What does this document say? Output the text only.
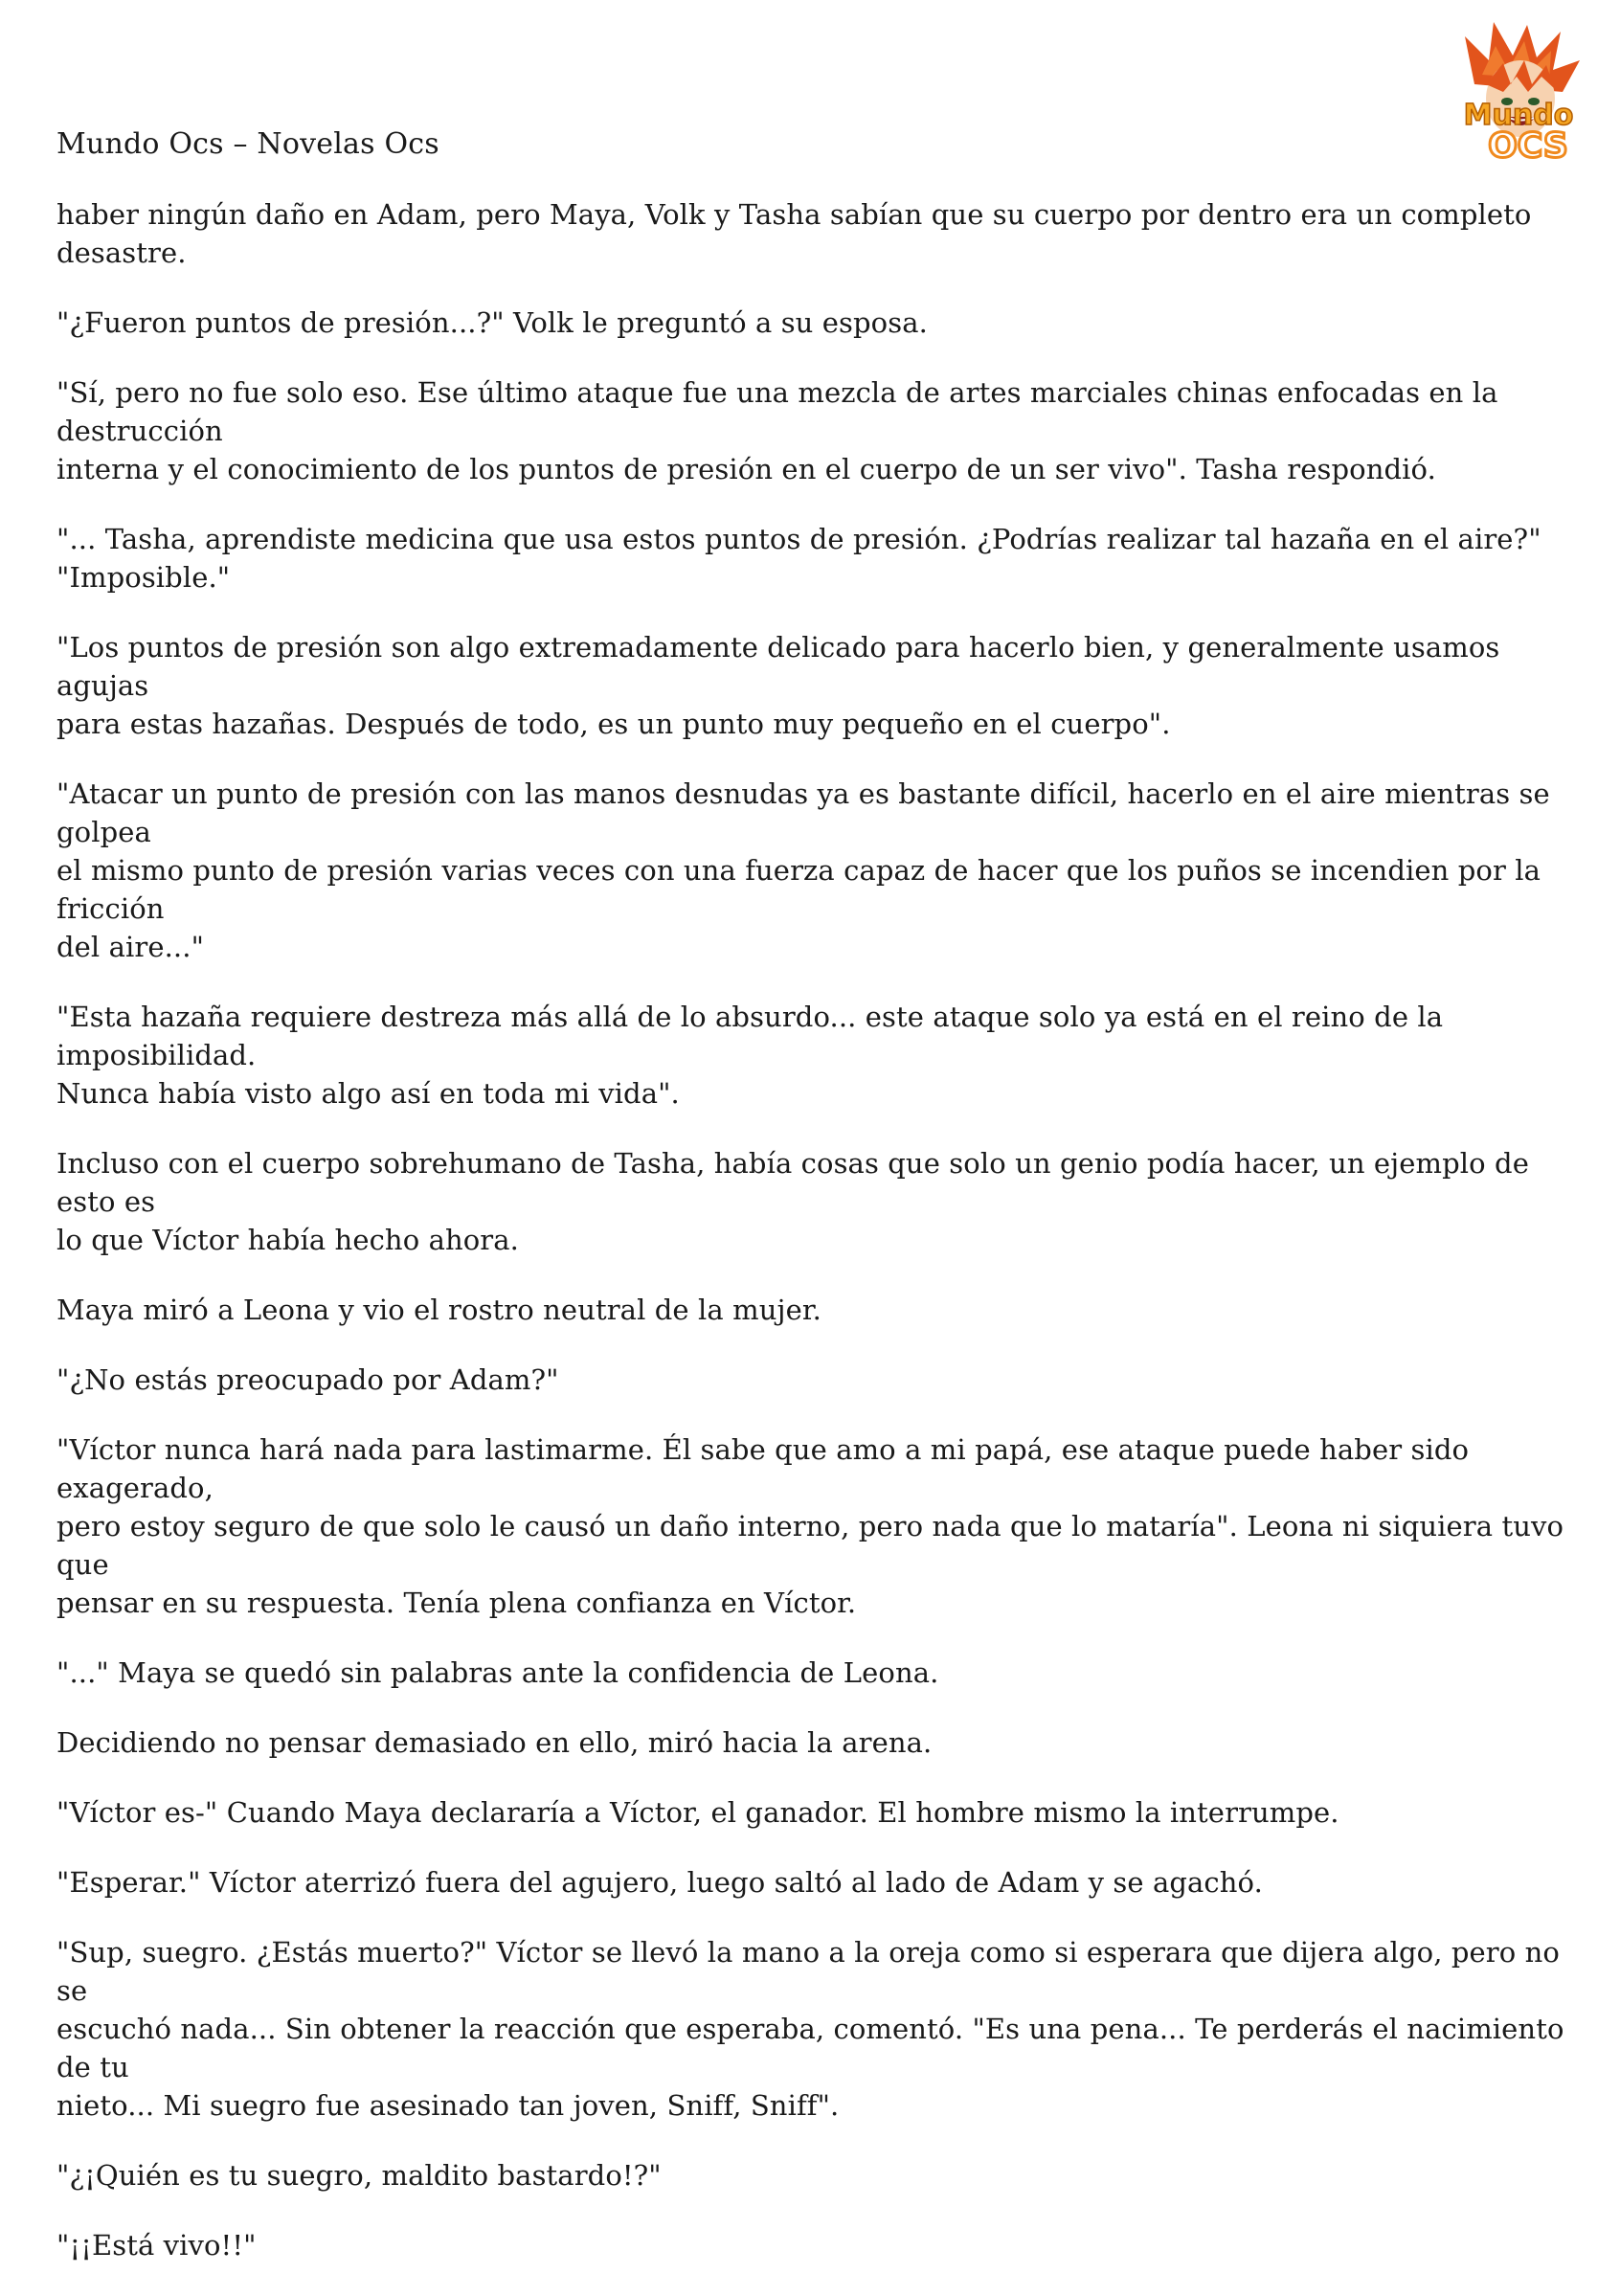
Mundo Ocs – Novelas Ocs
Mundo
OCS

haber ningún daño en Adam, pero Maya, Volk y Tasha sabían que su cuerpo por dentro era un completo
desastre.

"¿Fueron puntos de presión...?" Volk le preguntó a su esposa.

"Sí, pero no fue solo eso. Ese último ataque fue una mezcla de artes marciales chinas enfocadas en la destrucción
interna y el conocimiento de los puntos de presión en el cuerpo de un ser vivo". Tasha respondió.

"... Tasha, aprendiste medicina que usa estos puntos de presión. ¿Podrías realizar tal hazaña en el aire?"
"Imposible."

"Los puntos de presión son algo extremadamente delicado para hacerlo bien, y generalmente usamos agujas
para estas hazañas. Después de todo, es un punto muy pequeño en el cuerpo".

"Atacar un punto de presión con las manos desnudas ya es bastante difícil, hacerlo en el aire mientras se golpea
el mismo punto de presión varias veces con una fuerza capaz de hacer que los puños se incendien por la fricción
del aire..."

"Esta hazaña requiere destreza más allá de lo absurdo... este ataque solo ya está en el reino de la imposibilidad.
Nunca había visto algo así en toda mi vida".

Incluso con el cuerpo sobrehumano de Tasha, había cosas que solo un genio podía hacer, un ejemplo de esto es
lo que Víctor había hecho ahora.

Maya miró a Leona y vio el rostro neutral de la mujer.

"¿No estás preocupado por Adam?"

"Víctor nunca hará nada para lastimarme. Él sabe que amo a mi papá, ese ataque puede haber sido exagerado,
pero estoy seguro de que solo le causó un daño interno, pero nada que lo mataría". Leona ni siquiera tuvo que
pensar en su respuesta. Tenía plena confianza en Víctor.

"..." Maya se quedó sin palabras ante la confidencia de Leona.

Decidiendo no pensar demasiado en ello, miró hacia la arena.

"Víctor es-" Cuando Maya declararía a Víctor, el ganador. El hombre mismo la interrumpe.

"Esperar." Víctor aterrizó fuera del agujero, luego saltó al lado de Adam y se agachó.

"Sup, suegro. ¿Estás muerto?" Víctor se llevó la mano a la oreja como si esperara que dijera algo, pero no se
escuchó nada... Sin obtener la reacción que esperaba, comentó. "Es una pena... Te perderás el nacimiento de tu
nieto... Mi suegro fue asesinado tan joven, Sniff, Sniff".

"¿¡Quién es tu suegro, maldito bastardo!?"

"¡¡Está vivo!!"
